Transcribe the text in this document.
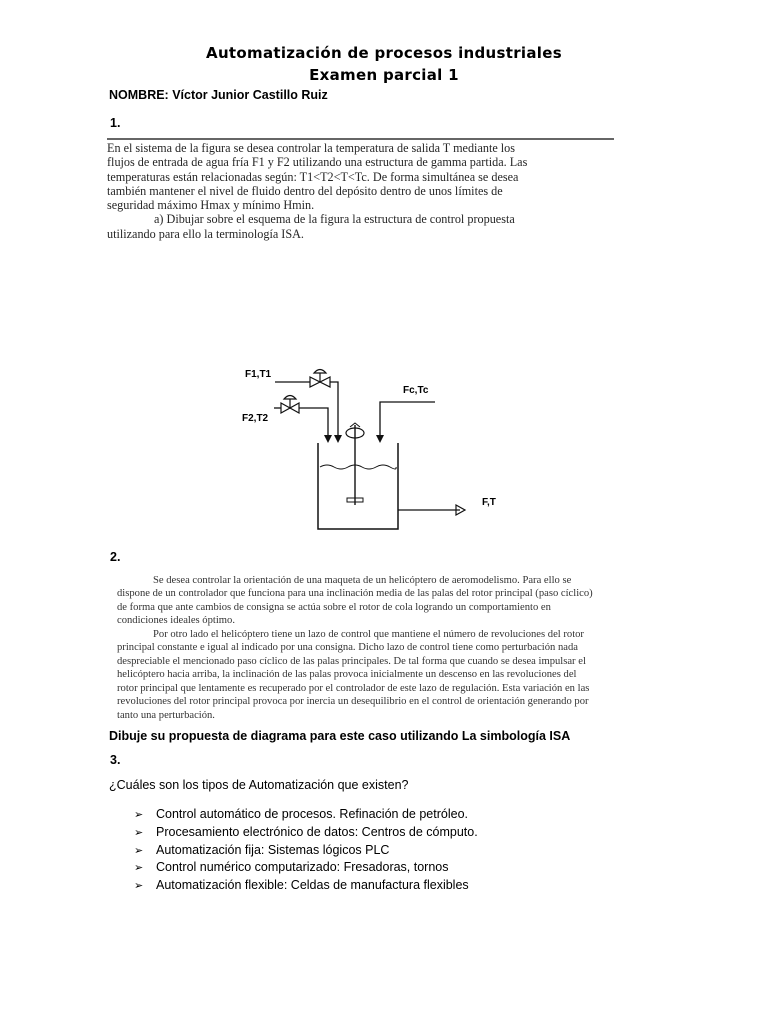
Automatización de procesos industriales
Examen parcial 1
NOMBRE: Víctor Junior Castillo Ruiz
1.
En el sistema de la figura se desea controlar la temperatura de salida T mediante los
flujos de entrada de agua fría F1 y F2 utilizando una estructura de gamma partida. Las
temperaturas están relacionadas según: T1<T2<T<Tc. De forma simultánea se desea
también mantener el nivel de fluido dentro del depósito dentro de unos límites de
seguridad máximo Hmax y mínimo Hmin.
a) Dibujar sobre el esquema de la figura la estructura de control propuesta
utilizando para ello la terminología ISA.
F1,T1
F2,T2
Fc,Tc
F,T
2.
Se desea controlar la orientación de una maqueta de un helicóptero de aeromodelismo. Para ello se
dispone de un controlador que funciona para una inclinación media de las palas del rotor principal (paso cíclico)
de forma que ante cambios de consigna se actúa sobre el rotor de cola logrando un comportamiento en
condiciones ideales óptimo.
Por otro lado el helicóptero tiene un lazo de control que mantiene el número de revoluciones del rotor
principal constante e igual al indicado por una consigna. Dicho lazo de control tiene como perturbación nada
despreciable el mencionado paso cíclico de las palas principales. De tal forma que cuando se desea impulsar el
helicóptero hacia arriba, la inclinación de las palas provoca inicialmente un descenso en las revoluciones del
rotor principal que lentamente es recuperado por el controlador de este lazo de regulación. Esta variación en las
revoluciones del rotor principal provoca por inercia un desequilibrio en el control de orientación generando por
tanto una perturbación.
Dibuje su propuesta de diagrama para este caso utilizando La simbología ISA
3.
¿Cuáles son los tipos de Automatización que existen?
➢ Control automático de procesos. Refinación de petróleo.
➢ Procesamiento electrónico de datos: Centros de cómputo.
➢ Automatización fija: Sistemas lógicos PLC
➢ Control numérico computarizado: Fresadoras, tornos
➢ Automatización flexible: Celdas de manufactura flexibles
